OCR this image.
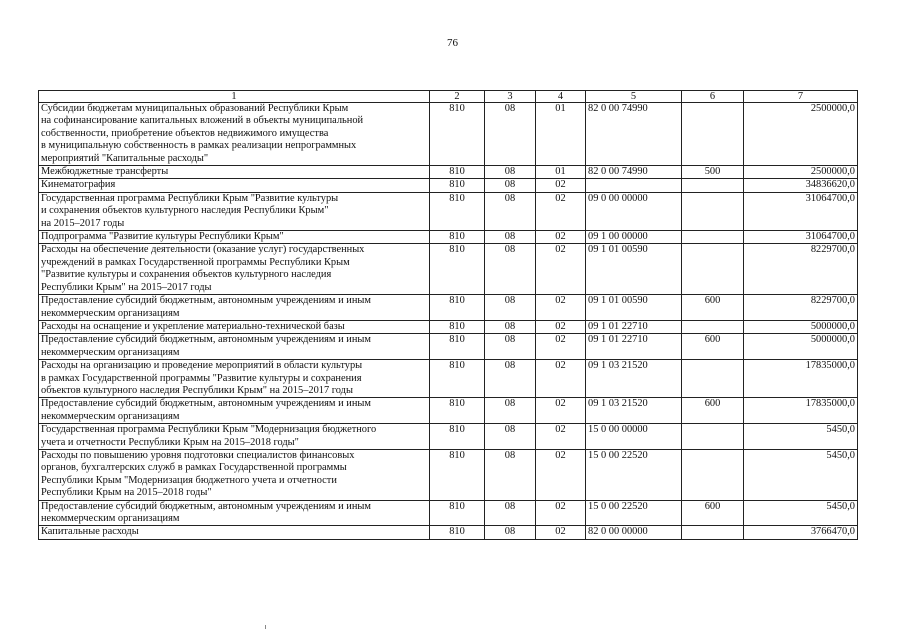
76
1	2	3	4	5	6	7
Субсидии бюджетам муниципальных образований Республики Крым
на софинансирование капитальных вложений в объекты муниципальной
собственности, приобретение объектов недвижимого имущества
в муниципальную собственность в рамках реализации непрограммных
мероприятий "Капитальные расходы"	810	08	01	82 0 00 74990		2500000,0
Межбюджетные трансферты	810	08	01	82 0 00 74990	500	2500000,0
Кинематография	810	08	02			34836620,0
Государственная программа Республики Крым "Развитие культуры
и сохранения объектов культурного наследия Республики Крым"
на 2015–2017 годы	810	08	02	09 0 00 00000		31064700,0
Подпрограмма "Развитие культуры Республики Крым"	810	08	02	09 1 00 00000		31064700,0
Расходы на обеспечение деятельности (оказание услуг) государственных
учреждений в рамках Государственной программы Республики Крым
"Развитие культуры и сохранения объектов культурного наследия
Республики Крым" на 2015–2017 годы	810	08	02	09 1 01 00590		8229700,0
Предоставление субсидий бюджетным, автономным учреждениям и иным
некоммерческим организациям	810	08	02	09 1 01 00590	600	8229700,0
Расходы на оснащение и укрепление материально-технической базы	810	08	02	09 1 01 22710		5000000,0
Предоставление субсидий бюджетным, автономным учреждениям и иным
некоммерческим организациям	810	08	02	09 1 01 22710	600	5000000,0
Расходы на организацию и проведение мероприятий в области культуры
в рамках Государственной программы "Развитие культуры и сохранения
объектов культурного наследия Республики Крым" на 2015–2017 годы	810	08	02	09 1 03 21520		17835000,0
Предоставление субсидий бюджетным, автономным учреждениям и иным
некоммерческим организациям	810	08	02	09 1 03 21520	600	17835000,0
Государственная программа Республики Крым "Модернизация бюджетного
учета и отчетности Республики Крым на 2015–2018 годы"	810	08	02	15 0 00 00000		5450,0
Расходы по повышению уровня подготовки специалистов финансовых
органов, бухгалтерских служб в рамках Государственной программы
Республики Крым "Модернизация бюджетного учета и отчетности
Республики Крым на 2015–2018 годы"	810	08	02	15 0 00 22520		5450,0
Предоставление субсидий бюджетным, автономным учреждениям и иным
некоммерческим организациям	810	08	02	15 0 00 22520	600	5450,0
Капитальные расходы	810	08	02	82 0 00 00000		3766470,0
